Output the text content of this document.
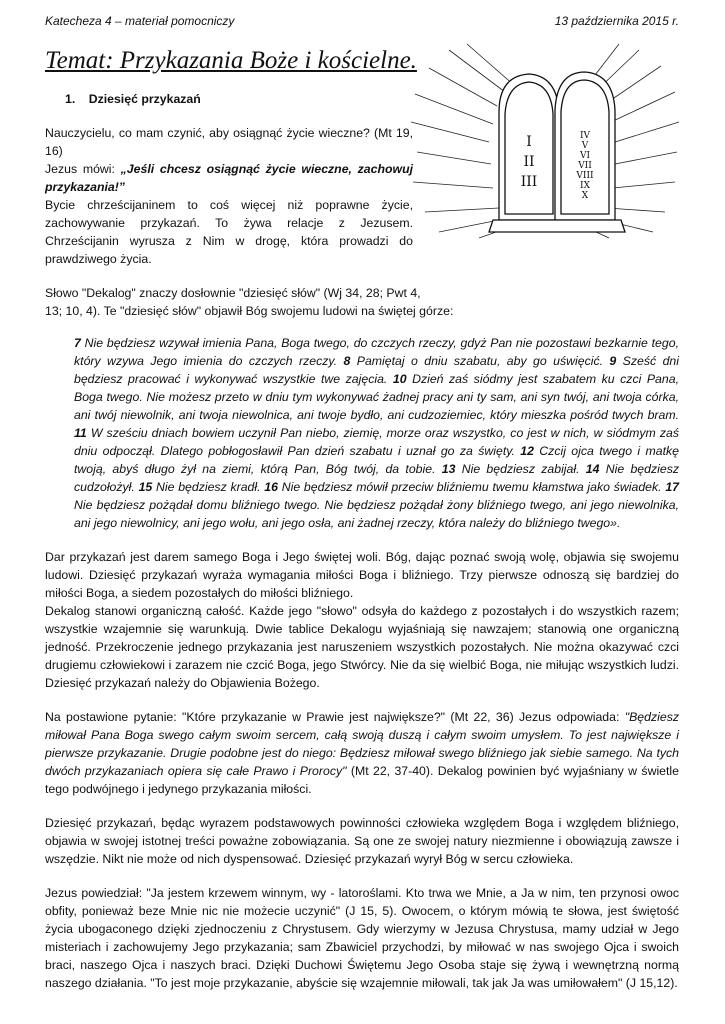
I
II
III
IV
V
VI
VII
VIII
IX
X
Katecheza 4 – materiał pomocniczy	13 października 2015 r.
Temat: Przykazania Boże i kościelne.
1. Dziesięć przykazań

Nauczycielu, co mam czynić, aby osiągnąć życie wieczne? (Mt 19, 16)
Jezus mówi: „Jeśli chcesz osiągnąć życie wieczne, zachowuj przykazania!”
Bycie chrześcijaninem to coś więcej niż poprawne życie, zachowywanie przykazań. To żywa relacje z Jezusem. Chrześcijanin wyrusza z Nim w drogę, która prowadzi do prawdziwego życia.

Słowo "Dekalog" znaczy dosłownie "dziesięć słów" (Wj 34, 28; Pwt 4,
13; 10, 4). Te "dziesięć słów" objawił Bóg swojemu ludowi na świętej górze:

7 Nie będziesz wzywał imienia Pana, Boga twego, do czczych rzeczy, gdyż Pan nie pozostawi bezkarnie tego, który wzywa Jego imienia do czczych rzeczy. 8 Pamiętaj o dniu szabatu, aby go uświęcić. 9 Sześć dni będziesz pracować i wykonywać wszystkie twe zajęcia. 10 Dzień zaś siódmy jest szabatem ku czci Pana, Boga twego. Nie możesz przeto w dniu tym wykonywać żadnej pracy ani ty sam, ani syn twój, ani twoja córka, ani twój niewolnik, ani twoja niewolnica, ani twoje bydło, ani cudzoziemiec, który mieszka pośród twych bram. 11 W sześciu dniach bowiem uczynił Pan niebo, ziemię, morze oraz wszystko, co jest w nich, w siódmym zaś dniu odpoczął. Dlatego pobłogosławił Pan dzień szabatu i uznał go za święty. 12 Czcij ojca twego i matkę twoją, abyś długo żył na ziemi, którą Pan, Bóg twój, da tobie. 13 Nie będziesz zabijał. 14 Nie będziesz cudzołożył. 15 Nie będziesz kradł. 16 Nie będziesz mówił przeciw bliźniemu twemu kłamstwa jako świadek. 17 Nie będziesz pożądał domu bliźniego twego. Nie będziesz pożądał żony bliźniego twego, ani jego niewolnika, ani jego niewolnicy, ani jego wołu, ani jego osła, ani żadnej rzeczy, która należy do bliźniego twego».

Dar przykazań jest darem samego Boga i Jego świętej woli. Bóg, dając poznać swoją wolę, objawia się swojemu ludowi. Dziesięć przykazań wyraża wymagania miłości Boga i bliźniego. Trzy pierwsze odnoszą się bardziej do miłości Boga, a siedem pozostałych do miłości bliźniego.

Dekalog stanowi organiczną całość. Każde jego "słowo" odsyła do każdego z pozostałych i do wszystkich razem; wszystkie wzajemnie się warunkują. Dwie tablice Dekalogu wyjaśniają się nawzajem; stanowią one organiczną jedność. Przekroczenie jednego przykazania jest naruszeniem wszystkich pozostałych. Nie można okazywać czci drugiemu człowiekowi i zarazem nie czcić Boga, jego Stwórcy. Nie da się wielbić Boga, nie miłując wszystkich ludzi. Dziesięć przykazań należy do Objawienia Bożego.

Na postawione pytanie: "Które przykazanie w Prawie jest największe?" (Mt 22, 36) Jezus odpowiada: "Będziesz miłował Pana Boga swego całym swoim sercem, całą swoją duszą i całym swoim umysłem. To jest największe i pierwsze przykazanie. Drugie podobne jest do niego: Będziesz miłował swego bliźniego jak siebie samego. Na tych dwóch przykazaniach opiera się całe Prawo i Prorocy" (Mt 22, 37-40). Dekalog powinien być wyjaśniany w świetle tego podwójnego i jedynego przykazania miłości.

Dziesięć przykazań, będąc wyrazem podstawowych powinności człowieka względem Boga i względem bliźniego, objawia w swojej istotnej treści poważne zobowiązania. Są one ze swojej natury niezmienne i obowiązują zawsze i wszędzie. Nikt nie może od nich dyspensować. Dziesięć przykazań wyrył Bóg w sercu człowieka.

Jezus powiedział: "Ja jestem krzewem winnym, wy - latoroślami. Kto trwa we Mnie, a Ja w nim, ten przynosi owoc obfity, ponieważ beze Mnie nic nie możecie uczynić" (J 15, 5). Owocem, o którym mówią te słowa, jest świętość życia ubogaconego dzięki zjednoczeniu z Chrystusem. Gdy wierzymy w Jezusa Chrystusa, mamy udział w Jego misteriach i zachowujemy Jego przykazania; sam Zbawiciel przychodzi, by miłować w nas swojego Ojca i swoich braci, naszego Ojca i naszych braci. Dzięki Duchowi Świętemu Jego Osoba staje się żywą i wewnętrzną normą naszego działania. "To jest moje przykazanie, abyście się wzajemnie miłowali, tak jak Ja was umiłowałem" (J 15,12).
